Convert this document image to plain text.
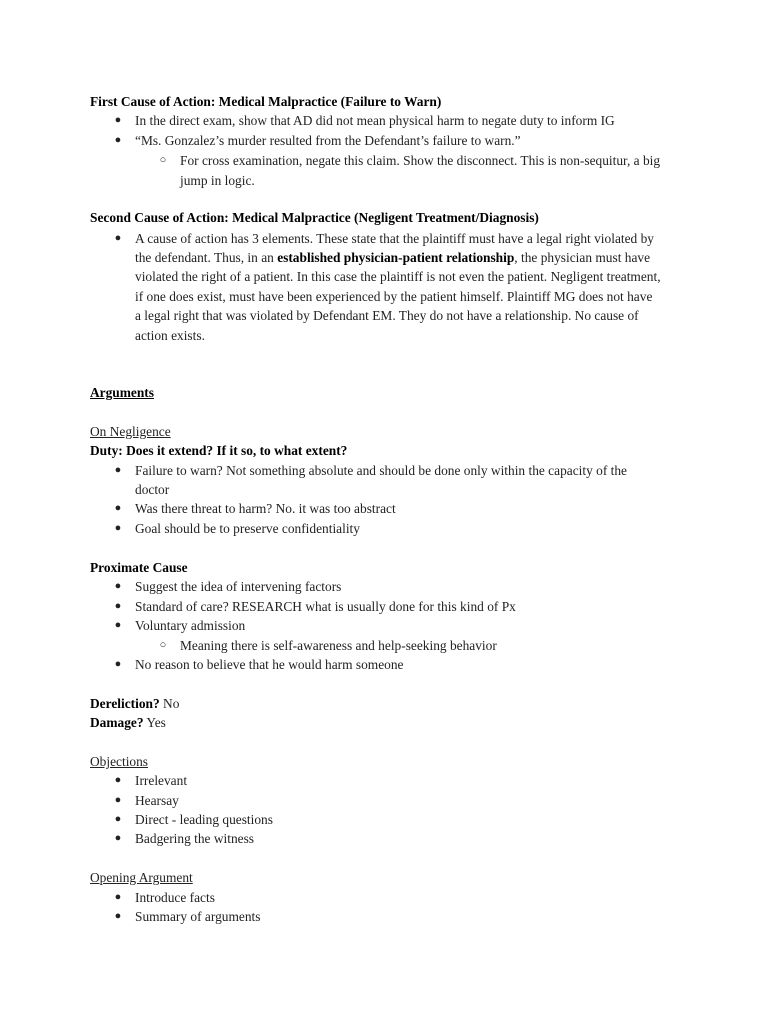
First Cause of Action: Medical Malpractice (Failure to Warn)
● In the direct exam, show that AD did not mean physical harm to negate duty to inform IG
● “Ms. Gonzalez’s murder resulted from the Defendant’s failure to warn.”
○ For cross examination, negate this claim. Show the disconnect. This is non-sequitur, a big
jump in logic.
Second Cause of Action: Medical Malpractice (Negligent Treatment/Diagnosis)
● A cause of action has 3 elements. These state that the plaintiff must have a legal right violated by
the defendant. Thus, in an established physician-patient relationship, the physician must have
violated the right of a patient. In this case the plaintiff is not even the patient. Negligent treatment,
if one does exist, must have been experienced by the patient himself. Plaintiff MG does not have
a legal right that was violated by Defendant EM. They do not have a relationship. No cause of
action exists.
Arguments
On Negligence
Duty: Does it extend? If it so, to what extent?
● Failure to warn? Not something absolute and should be done only within the capacity of the
doctor
● Was there threat to harm? No. it was too abstract
● Goal should be to preserve confidentiality
Proximate Cause
● Suggest the idea of intervening factors
● Standard of care? RESEARCH what is usually done for this kind of Px
● Voluntary admission
○ Meaning there is self-awareness and help-seeking behavior
● No reason to believe that he would harm someone
Dereliction? No
Damage? Yes
Objections
● Irrelevant
● Hearsay
● Direct - leading questions
● Badgering the witness
Opening Argument
● Introduce facts
● Summary of arguments
